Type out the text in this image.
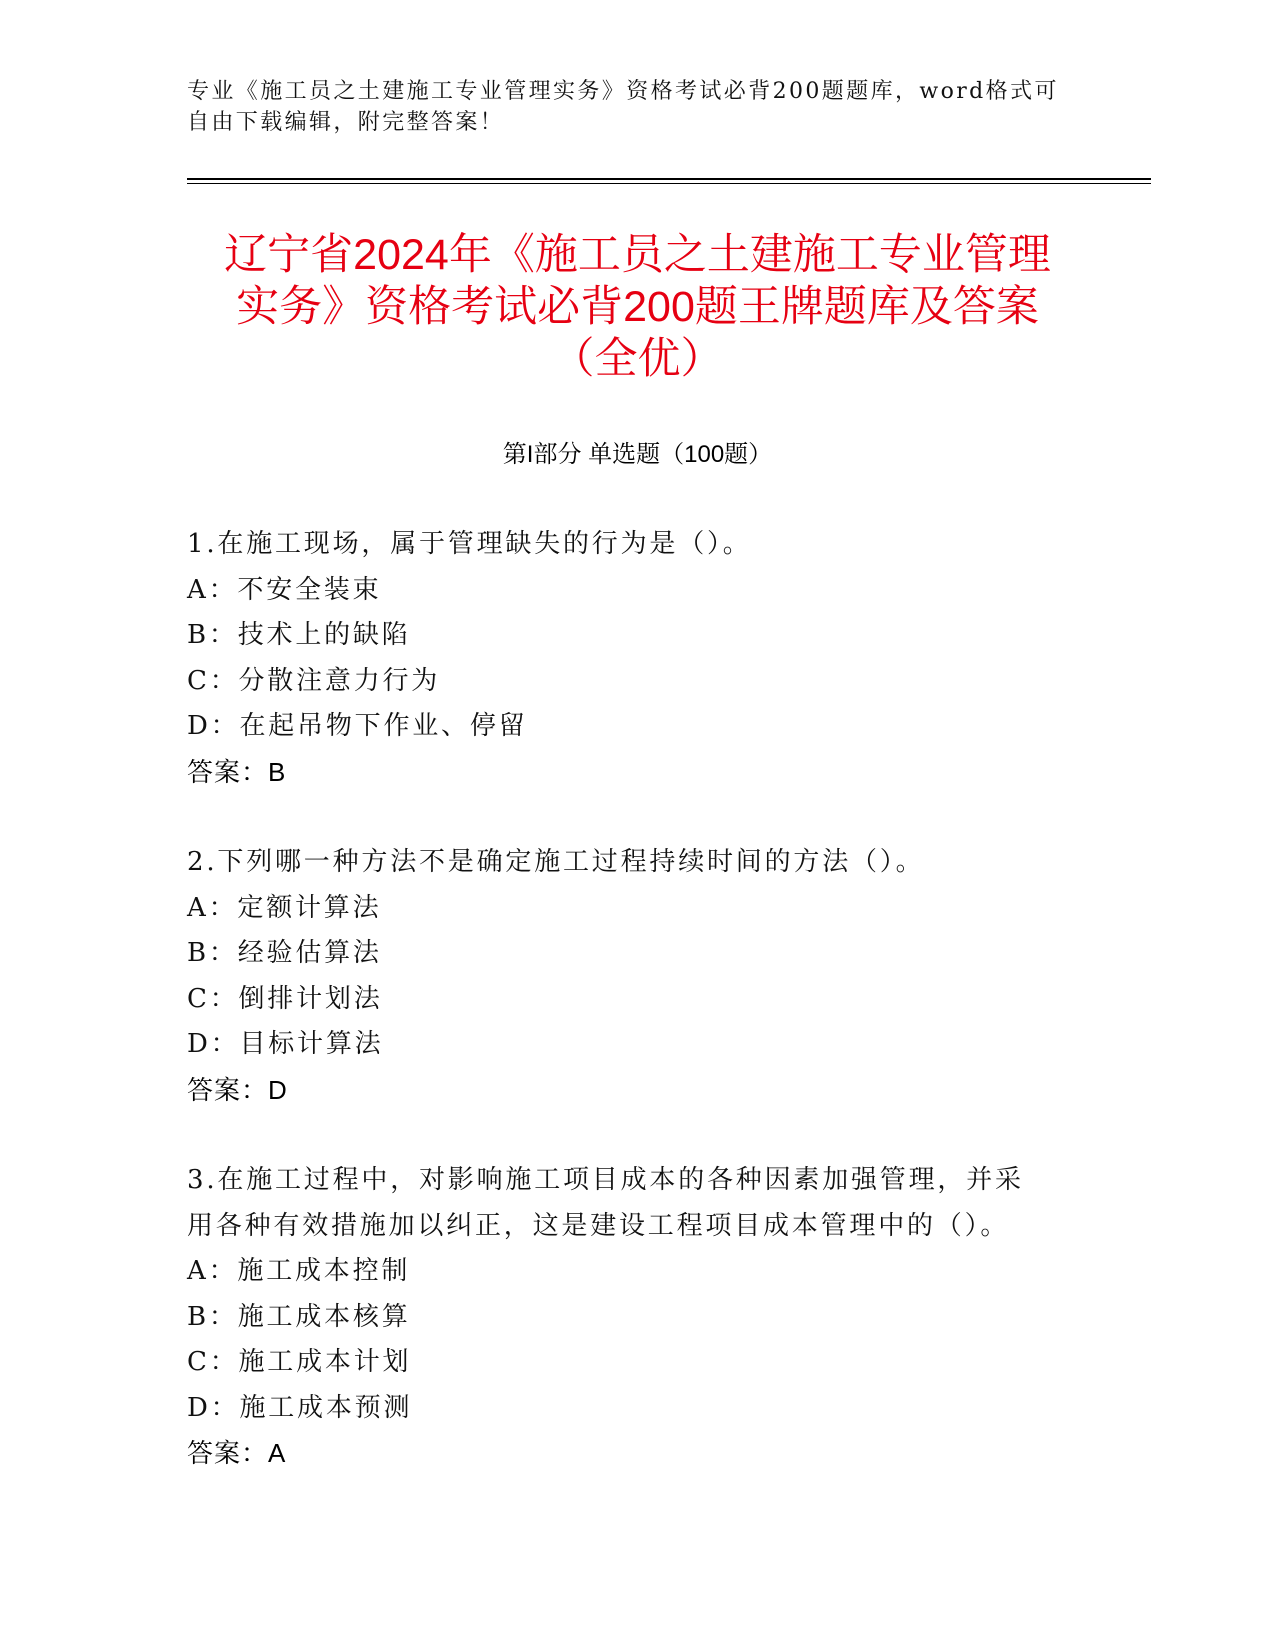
专业《施工员之土建施工专业管理实务》资格考试必背200题题库，word格式可
自由下载编辑，附完整答案！
辽宁省2024年《施工员之土建施工专业管理
实务》资格考试必背200题王牌题库及答案
（全优）
第I部分 单选题（100题）
1.在施工现场，属于管理缺失的行为是（）。
A：不安全装束
B：技术上的缺陷
C：分散注意力行为
D：在起吊物下作业、停留
答案：B
2.下列哪一种方法不是确定施工过程持续时间的方法（）。
A：定额计算法
B：经验估算法
C：倒排计划法
D：目标计算法
答案：D
3.在施工过程中，对影响施工项目成本的各种因素加强管理，并采用各种有效措施加以纠正，这是建设工程项目成本管理中的（）。
A：施工成本控制
B：施工成本核算
C：施工成本计划
D：施工成本预测
答案：A
